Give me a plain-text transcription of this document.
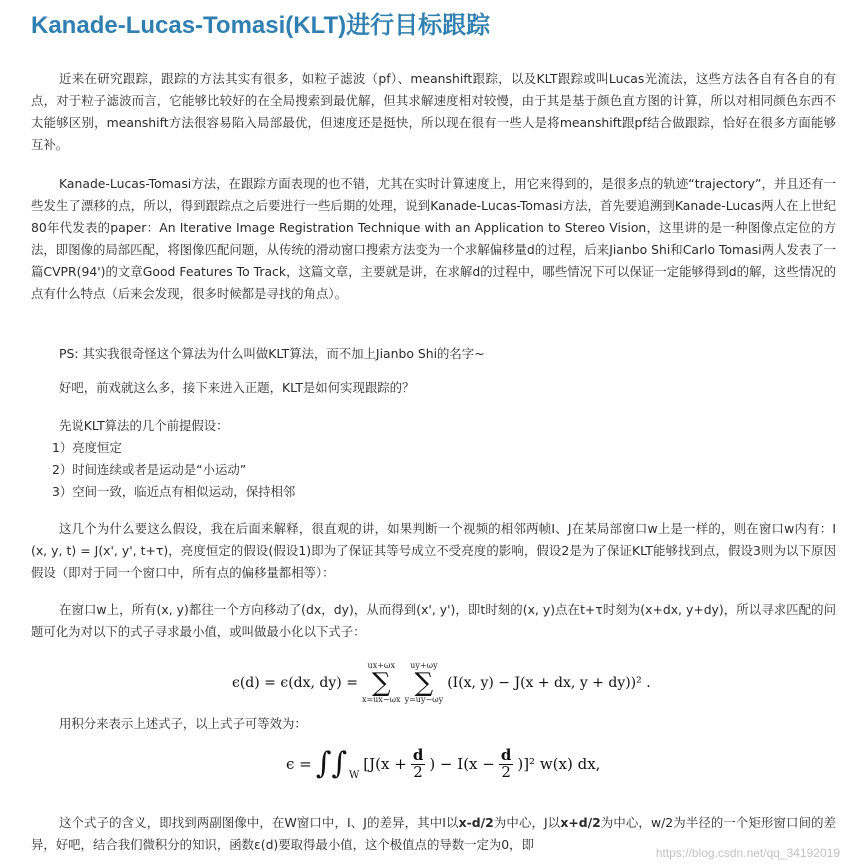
Kanade-Lucas-Tomasi(KLT)进行目标跟踪

近来在研究跟踪，跟踪的方法其实有很多，如粒子滤波（pf）、meanshift跟踪，以及KLT跟踪或叫Lucas光流法，这些方法各自有各自的有点，对于粒子滤波而言，它能够比较好的在全局搜索到最优解，但其求解速度相对较慢，由于其是基于颜色直方图的计算，所以对相同颜色东西不太能够区别，meanshift方法很容易陷入局部最优，但速度还是挺快，所以现在很有一些人是将meanshift跟pf结合做跟踪，恰好在很多方面能够互补。

Kanade-Lucas-Tomasi方法，在跟踪方面表现的也不错，尤其在实时计算速度上，用它来得到的，是很多点的轨迹“trajectory”，并且还有一些发生了漂移的点，所以，得到跟踪点之后要进行一些后期的处理，说到Kanade-Lucas-Tomasi方法，首先要追溯到Kanade-Lucas两人在上世纪80年代发表的paper：An Iterative Image Registration Technique with an Application to Stereo Vision，这里讲的是一种图像点定位的方法，即图像的局部匹配，将图像匹配问题，从传统的滑动窗口搜索方法变为一个求解偏移量d的过程，后来Jianbo Shi和Carlo Tomasi两人发表了一篇CVPR(94')的文章Good Features To Track，这篇文章，主要就是讲，在求解d的过程中，哪些情况下可以保证一定能够得到d的解，这些情况的点有什么特点（后来会发现，很多时候都是寻找的角点）。

PS: 其实我很奇怪这个算法为什么叫做KLT算法，而不加上Jianbo Shi的名字~

好吧，前戏就这么多，接下来进入正题，KLT是如何实现跟踪的？

先说KLT算法的几个前提假设：

1）亮度恒定

2）时间连续或者是运动是“小运动”

3）空间一致，临近点有相似运动，保持相邻

这几个为什么要这么假设，我在后面来解释，很直观的讲，如果判断一个视频的相邻两帧I、J在某局部窗口w上是一样的，则在窗口w内有：I(x, y, t) = J(x', y', t+τ)，亮度恒定的假设(假设1)即为了保证其等号成立不受亮度的影响，假设2是为了保证KLT能够找到点，假设3则为以下原因假设（即对于同一个窗口中，所有点的偏移量都相等）：

在窗口w上，所有(x, y)都往一个方向移动了(dx，dy)，从而得到(x', y')，即t时刻的(x, y)点在t+τ时刻为(x+dx, y+dy)，所以寻求匹配的问题可化为对以下的式子寻求最小值，或叫做最小化以下式子：

ϵ(d) = ϵ(dx, dy) =
ux+ωx
∑
x=ux−ωx
uy+ωy
∑
y=uy−ωy
(I(x, y) − J(x + dx, y + dy))² .

用积分来表示上述式子，以上式子可等效为：

ϵ = ∫∫ W
[$J(x + \frac{d}{2}$ ) − $I(x - \frac{d}{2} )]^2$ w(x) dx,

这个式子的含义，即找到两副图像中，在W窗口中，I、J的差异，其中I以x-d/2为中心，J以x+d/2为中心，w/2为半径的一个矩形窗口间的差异，好吧，结合我们微积分的知识，函数ε(d)要取得最小值，这个极值点的导数一定为0，即

https://blog.csdn.net/qq_34192019
